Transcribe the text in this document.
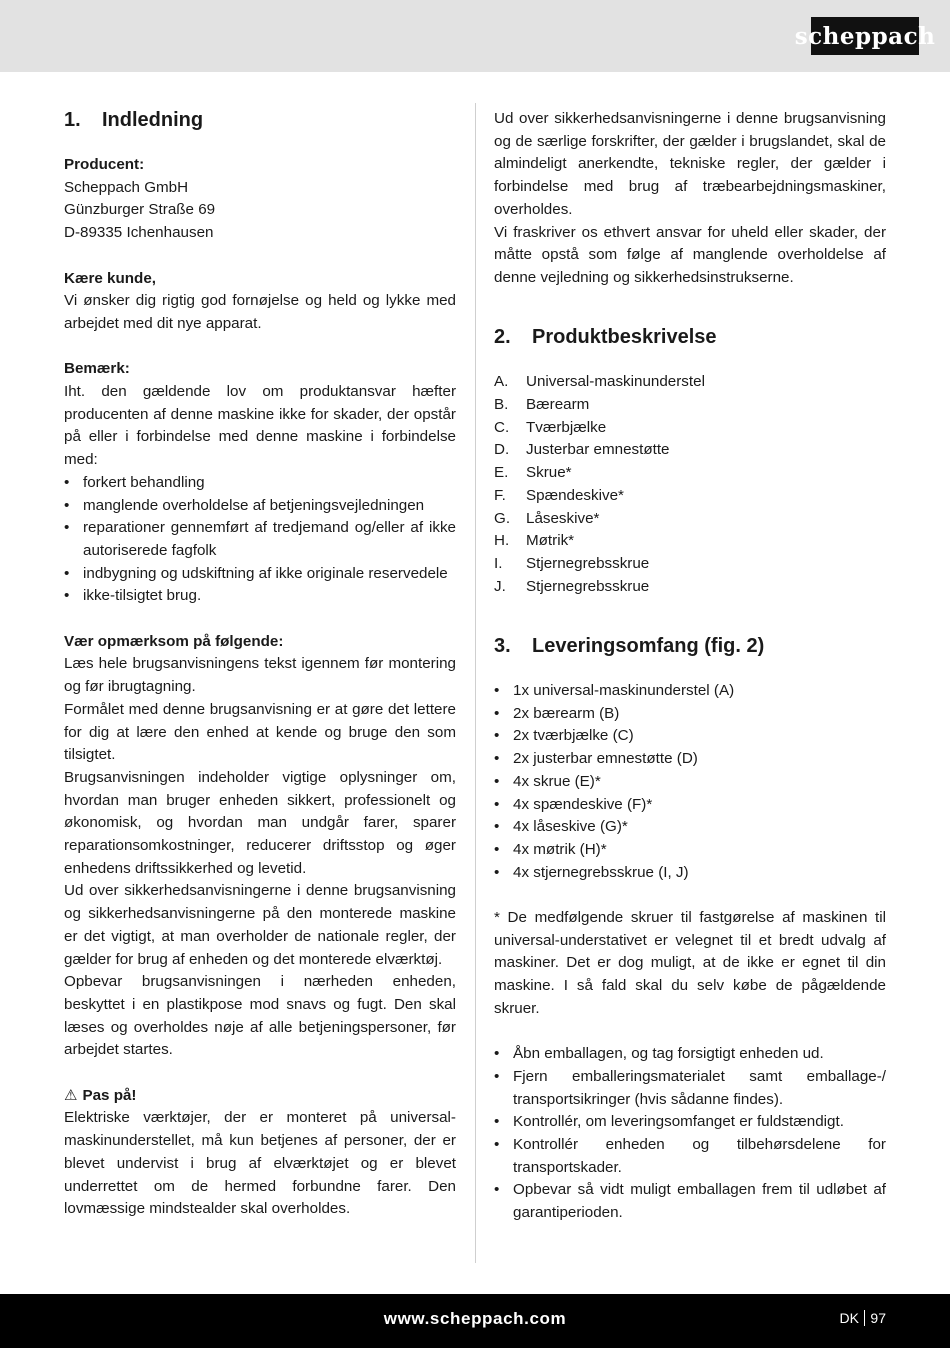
scheppach
1.	Indledning

Producent:

Scheppach GmbH

Günzburger Straße 69

D-89335 Ichenhausen

Kære kunde,

Vi ønsker dig rigtig god fornøjelse og held og lykke med arbejdet med dit nye apparat.

Bemærk:

Iht. den gældende lov om produktansvar hæfter producenten af denne maskine ikke for skader, der opstår på eller i forbindelse med denne maskine i forbindelse med:

• forkert behandling
• manglende overholdelse af betjeningsvejledningen
• reparationer gennemført af tredjemand og/eller af ikke autoriserede fagfolk
• indbygning og udskiftning af ikke originale reservedele
• ikke-tilsigtet brug.

Vær opmærksom på følgende:

Læs hele brugsanvisningens tekst igennem før montering og før ibrugtagning.

Formålet med denne brugsanvisning er at gøre det lettere for dig at lære den enhed at kende og bruge den som tilsigtet.

Brugsanvisningen indeholder vigtige oplysninger om, hvordan man bruger enheden sikkert, professionelt og økonomisk, og hvordan man undgår farer, sparer reparationsomkostninger, reducerer driftsstop og øger enhedens driftssikkerhed og levetid.

Ud over sikkerhedsanvisningerne i denne brugsanvisning og sikkerhedsanvisningerne på den monterede maskine er det vigtigt, at man overholder de nationale regler, der gælder for brug af enheden og det monterede elværktøj.

Opbevar brugsanvisningen i nærheden enheden, beskyttet i en plastikpose mod snavs og fugt. Den skal læses og overholdes nøje af alle betjeningspersoner, før arbejdet startes.

⚠ Pas på!

Elektriske værktøjer, der er monteret på universal-maskinunderstellet, må kun betjenes af personer, der er blevet undervist i brug af elværktøjet og er blevet underrettet om de hermed forbundne farer. Den lovmæssige mindstealder skal overholdes.

Ud over sikkerhedsanvisningerne i denne brugsanvisning og de særlige forskrifter, der gælder i brugslandet, skal de almindeligt anerkendte, tekniske regler, der gælder i forbindelse med brug af træbearbejdningsmaskiner, overholdes.

Vi fraskriver os ethvert ansvar for uheld eller skader, der måtte opstå som følge af manglende overholdelse af denne vejledning og sikkerhedsinstrukserne.

2.	Produktbeskrivelse
A. Universal-maskinunderstel
B. Bærearm
C. Tværbjælke
D. Justerbar emnestøtte
E. Skrue*
F. Spændeskive*
G. Låseskive*
H. Møtrik*
I. Stjernegrebsskrue
J. Stjernegrebsskrue
3.	Leveringsomfang (fig. 2)
• 1x universal-maskinunderstel (A)
• 2x bærearm (B)
• 2x tværbjælke (C)
• 2x justerbar emnestøtte (D)
• 4x skrue (E)*
• 4x spændeskive (F)*
• 4x låseskive (G)*
• 4x møtrik (H)*
• 4x stjernegrebsskrue (I, J)

* De medfølgende skruer til fastgørelse af maskinen til universal-understativet er velegnet til et bredt udvalg af maskiner. Det er dog muligt, at de ikke er egnet til din maskine. I så fald skal du selv købe de pågældende skruer.

• Åbn emballagen, og tag forsigtigt enheden ud.
• Fjern emballeringsmaterialet samt emballage-/ transportsikringer (hvis sådanne findes).
• Kontrollér, om leveringsomfanget er fuldstændigt.
• Kontrollér enheden og tilbehørsdelene for transportskader.
• Opbevar så vidt muligt emballagen frem til udløbet af garantiperioden.
www.scheppach.com	DK 97
